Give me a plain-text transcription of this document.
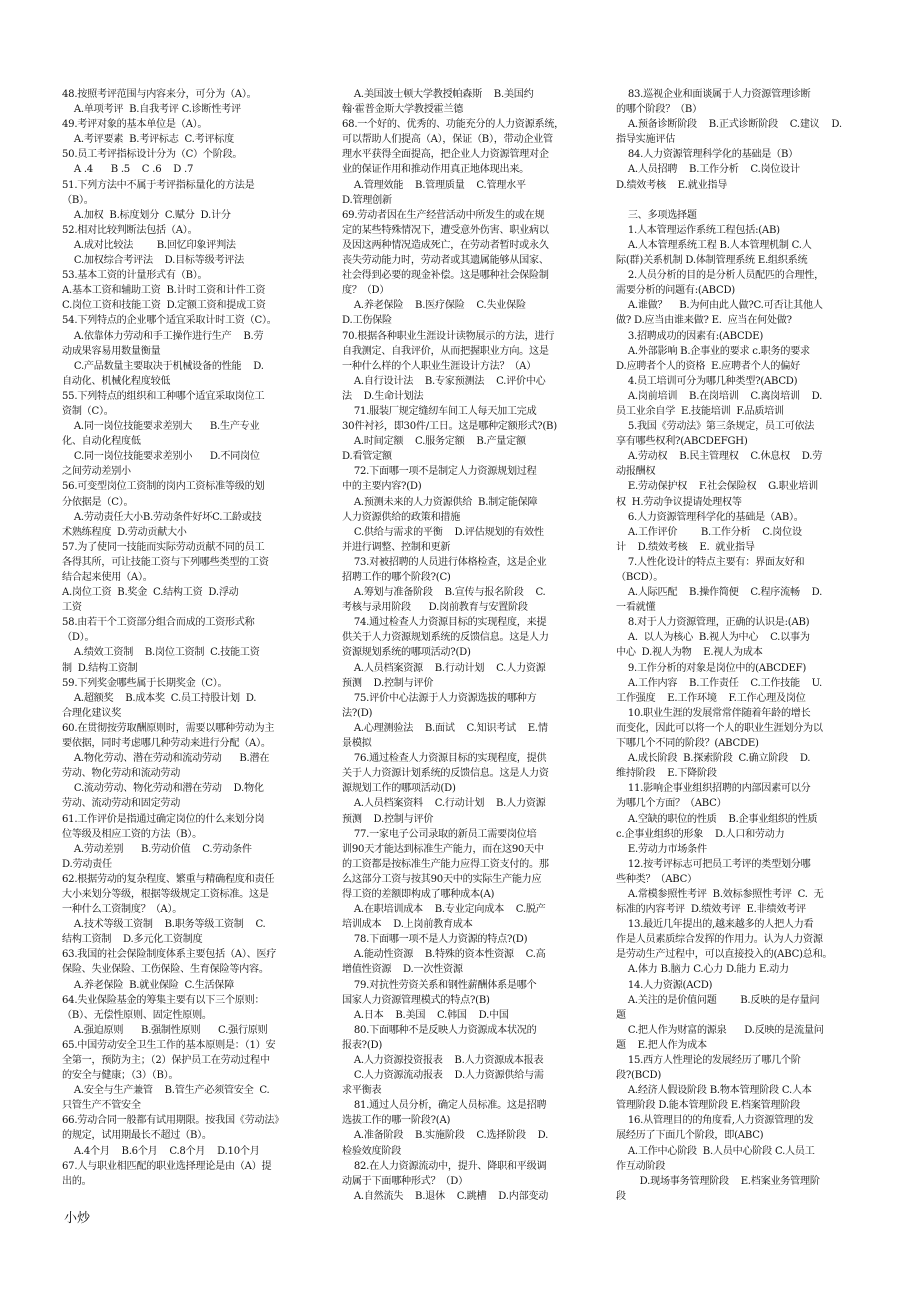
48.按照考评范围与内容来分，可分为（A）。
A.单项考评  B.自我考评 C.诊断性考评
49.考评对象的基本单位是（A）。
A.考评要素  B.考评标志  C.考评标度
50.员工考评指标设计分为（C）个阶段。
A .4      B .5    C .6    D .7
51.下列方法中不属于考评指标量化的方法是
（B）。
A.加权  B.标度划分  C.赋分  D.计分
52.相对比较判断法包括（A）。
A.成对比较法        B.回忆印象评判法
C.加权综合考评法    D.目标等级考评法
53.基本工资的计量形式有（B）。
A.基本工资和辅助工资  B.计时工资和计件工资
C.岗位工资和技能工资  D.定额工资和提成工资
54.下列特点的企业哪个适宜采取计时工资（C）。
A.依靠体力劳动和手工操作进行生产    B.劳
动成果容易用数量衡量
C.产品数量主要取决于机械设备的性能    D.
自动化、机械化程度较低
55.下列特点的组织和工种哪个适宜采取岗位工
资制（C）。
A.同一岗位技能要求差别大      B.生产专业
化、自动化程度低
C.同一岗位技能要求差别小      D.不同岗位
之间劳动差别小
56.可变型岗位工资制的岗内工资标准等级的划
分依据是（C）。
A.劳动责任大小B.劳动条件好坏C.工龄或技
术熟练程度  D.劳动贡献大小
57.为了使同一技能而实际劳动贡献不同的员工
各得其所，可让技能工资与下列哪些类型的工资
结合起来使用（A）。
A.岗位工资  B.奖金  C.结构工资  D.浮动
工资
58.由若干个工资部分组合而成的工资形式称
（D）。
A.绩效工资制    B.岗位工资制  C.技能工资
制  D.结构工资制
59.下列奖金哪些属于长期奖金（C）。
A.超额奖    B.成本奖  C.员工持股计划  D.
合理化建议奖
60.在贯彻按劳取酬原则时，需要以哪种劳动为主
要依据，同时考虑哪几种劳动来进行分配（A）。
A.物化劳动、潜在劳动和流动劳动      B.潜在
劳动、物化劳动和流动劳动
C.流动劳动、物化劳动和潜在劳动    D.物化
劳动、流动劳动和固定劳动
61.工作评价是指通过确定岗位的什么来划分岗
位等级及相应工资的方法（B）。
A.劳动差别      B.劳动价值    C.劳动条件
D.劳动责任
62.根据劳动的复杂程度、繁重与精确程度和责任
大小来划分等级，根据等级规定工资标准。这是
一种什么工资制度？（A）。
A.技术等级工资制    B.职务等级工资制    C.
结构工资制    D.多元化工资制度
63.我国的社会保险制度体系主要包括（A）、医疗
保险、失业保险、工伤保险、生育保险等内容。
A.养老保险  B.就业保险  C.生活保障
64.失业保险基金的筹集主要有以下三个原则：
（B）、无偿性原则、固定性原则。
A.强迫原则      B.强制性原则      C.强行原则
65.中国劳动安全卫生工作的基本原则是：（1）安
全第一，预防为主；（2）保护员工在劳动过程中
的安全与健康；（3）（B）。
A.安全与生产兼管    B.管生产必须管安全  C.
只管生产不管安全
66.劳动合同一般都有试用期限。按我国《劳动法》
的规定，试用期最长不超过（B）。
A.4个月    B.6个月    C.8个月    D.10个月
67.人与职业相匹配的职业选择理论是由（A）提
出的。
A.美国波士顿大学教授帕森斯    B.美国约
翰·霍普金斯大学教授霍兰德
68.一个好的、优秀的、功能充分的人力资源系统，
可以帮助人们提高（A），保证（B），带动企业管
理水平获得全面提高，把企业人力资源管理对企
业的保证作用和推动作用真正地体现出来。
A.管理效能    B.管理质量    C.管理水平
D.管理创新
69.劳动者因在生产经营活动中所发生的或在规
定的某些特殊情况下，遭受意外伤害、职业病以
及因这两种情况造成死亡，在劳动者暂时或永久
丧失劳动能力时，劳动者或其遗属能够从国家、
社会得到必要的现金补偿。这是哪种社会保险制
度？（D）
A.养老保险    B.医疗保险    C.失业保险
D.工伤保险
70.根据各种职业生涯设计读物展示的方法，进行
自我测定、自我评价，从而把握职业方向。这是
一种什么样的个人职业生涯设计方法？（A）
A.自行设计法    B.专家预测法    C.评价中心
法    D.生命计划法
71.服装厂规定缝纫车间工人每天加工完成
30件衬衫，即30件/工日。这是哪种定额形式?(B)
A.时间定额    C.服务定额    B.产量定额
D.看管定额
72.下面哪一项不是制定人力资源规划过程
中的主要内容?(D)
A.预测未来的人力资源供给  B.制定能保障
人力资源供给的政策和措施
C.供给与需求的平衡    D.评估规划的有效性
并进行调整、控制和更新
73.对被招聘的人员进行体格检查，这是企业
招聘工作的哪个阶段?(C)
A.筹划与准备阶段    B.宣传与报名阶段    C.
考核与录用阶段      D.岗前教育与安置阶段
74.通过检查人力资源目标的实现程度，来提
供关于人力资源规划系统的反馈信息。这是人力
资源规划系统的哪项活动?(D)
A.人员档案资源    B.行动计划    C.人力资源
预测    D.控制与评价
75.评价中心法源于人力资源选拔的哪种方
法?(D)
A.心理测验法    B.面试    C.知识考试    E.情
景模拟
76.通过检查人力资源目标的实现程度，提供
关于人力资源计划系统的反馈信息。这是人力资
源规划工作的哪项活动(D)
A.人员档案资料    C.行动计划    B.人力资源
预测    D.控制与评价
77.一家电子公司录取的新员工需要岗位培
训90天才能达到标准生产能力，而在这90天中
的工资都是按标准生产能力应得工资支付的。那
么这部分工资与按其90天中的实际生产能力应
得工资的差额即构成了哪种成本(A)
A.在职培训成本    B.专业定向成本    C.脱产
培训成本    D.上岗前教育成本
78.下面哪一项不是人力资源的特点?(D)
A.能动性资源    B.特殊的资本性资源    C.高
增值性资源    D.一次性资源
79.对抗性劳资关系和钢性薪酬体系是哪个
国家人力资源管理模式的特点?(B)
A.日本    B.美国    C.韩国    D.中国
80.下面哪种不是反映人力资源成本状况的
报表?(D)
A.人力资源投资报表    B.人力资源成本报表
C.人力资源流动报表    D.人力资源供给与需
求平衡表
81.通过人员分析，确定人员标准。这是招聘
选拔工作的哪一阶段?(A)
A.准备阶段    B.实施阶段    C.选择阶段    D.
检验效度阶段
82.在人力资源流动中，提升、降职和平级调
动属于下面哪种形式？（D）
A.自然流失    B.退休    C.跳槽    D.内部变动
83.巡视企业和面谈属于人力资源管理诊断
的哪个阶段？（B）
A.预备诊断阶段    B.正式诊断阶段    C.建议    D.
指导实施评估
84.人力资源管理科学化的基础是（B）
A.人员招聘    B.工作分析    C.岗位设计
D.绩效考核    E.就业指导

三、多项选择题
1.人本管理运作系统工程包括:(AB)
A.人本管理系统工程 B.人本管理机制 C.人
际(群)关系机制 D.体制管理系统 E.组织系统
2.人员分析的目的是分析人员配匹的合理性，
需要分析的问题有:(ABCD)
A.谁做？    B.为何由此人做?C.可否让其他人
做? D.应当由谁来做? E.  应当在何处做?
3.招聘成功的因素有:(ABCDE)
A.外部影响 B.企事业的要求 c.职务的要求
D.应聘者个人的资格  E.应聘者个人的偏好
4.员工培训可分为哪几种类型?(ABCD)
A.岗前培训    B.在岗培训    C.离岗培训    D.
员工业余自学  E.技能培训  F.品质培训
5.我国《劳动法》第三条规定，员工可依法
享有哪些权利?(ABCDEFGH)
A.劳动权    B.民主管理权    C.休息权    D.劳
动报酬权
E.劳动保护权    F.社会保险权    G.职业培训
权  H.劳动争议提请处理权等
6.人力资源管理科学化的基础是（AB）。
A.工作评价        B.工作分析    C.岗位设
计    D.绩效考核    E.  就业指导
7.人性化设计的特点主要有：界面友好和
（BCD）。
A.人际匹配    B.操作简便    C.程序流畅    D.
一看就懂
8.对于人力资源管理，正确的认识是:(AB)
A.  以人为核心  B.视人为中心    C.以事为
中心  D.视人为物    E.视人为成本
9.工作分析的对象是岗位中的(ABCDEF)
A.工作内容    B.工作责任    C.工作技能    U.
工作强度    E.工作环境    F.工作心理及岗位
10.职业生涯的发展常常伴随着年龄的增长
而变化，因此可以将一个人的职业生涯划分为以
下哪几个不同的阶段？(ABCDE)
A.成长阶段  B.探索阶段  C.确立阶段    D.
维持阶段    E.下降阶段
11.影响企事业组织招聘的内部因素可以分
为哪几个方面？（ABC）
A.空缺的职位的性质    B.企事业组织的性质
c.企事业组织的形象    D.人口和劳动力
E.劳动力市场条件
12.按考评标志可把员工考评的类型划分哪
些种类？（ABC）
A.常模参照性考评  B.效标参照性考评  C.  无
标准的内容考评  D.绩效考评  E.非绩效考评
13.最近几年提出的,越来越多的人把人力看
作是人员素质综合发挥的作用力。认为人力资源
是劳动生产过程中，可以直接投入的(ABC)总和。
A.体力 B.脑力 C.心力 D.能力 E.动力
14.人力资源(ACD)
A.关注的是价值问题        B.反映的是存量问
题
C.把人作为财富的源泉      D.反映的是流量问
题    E.把人作为成本
15.西方人性理论的发展经历了哪几个阶
段?(BCD)
A.经济人假设阶段 B.物本管理阶段 C.人本
管理阶段 D.能本管理阶段 E.档案管理阶段
16.从管理目的的角度看,人力资源管理的发
展经历了下面几个阶段，即(ABC)
A.工作中心阶段  B.人员中心阶段 C.人员工
作互动阶段
D.现场事务管理阶段    E.档案业务管理阶
段
小炒
